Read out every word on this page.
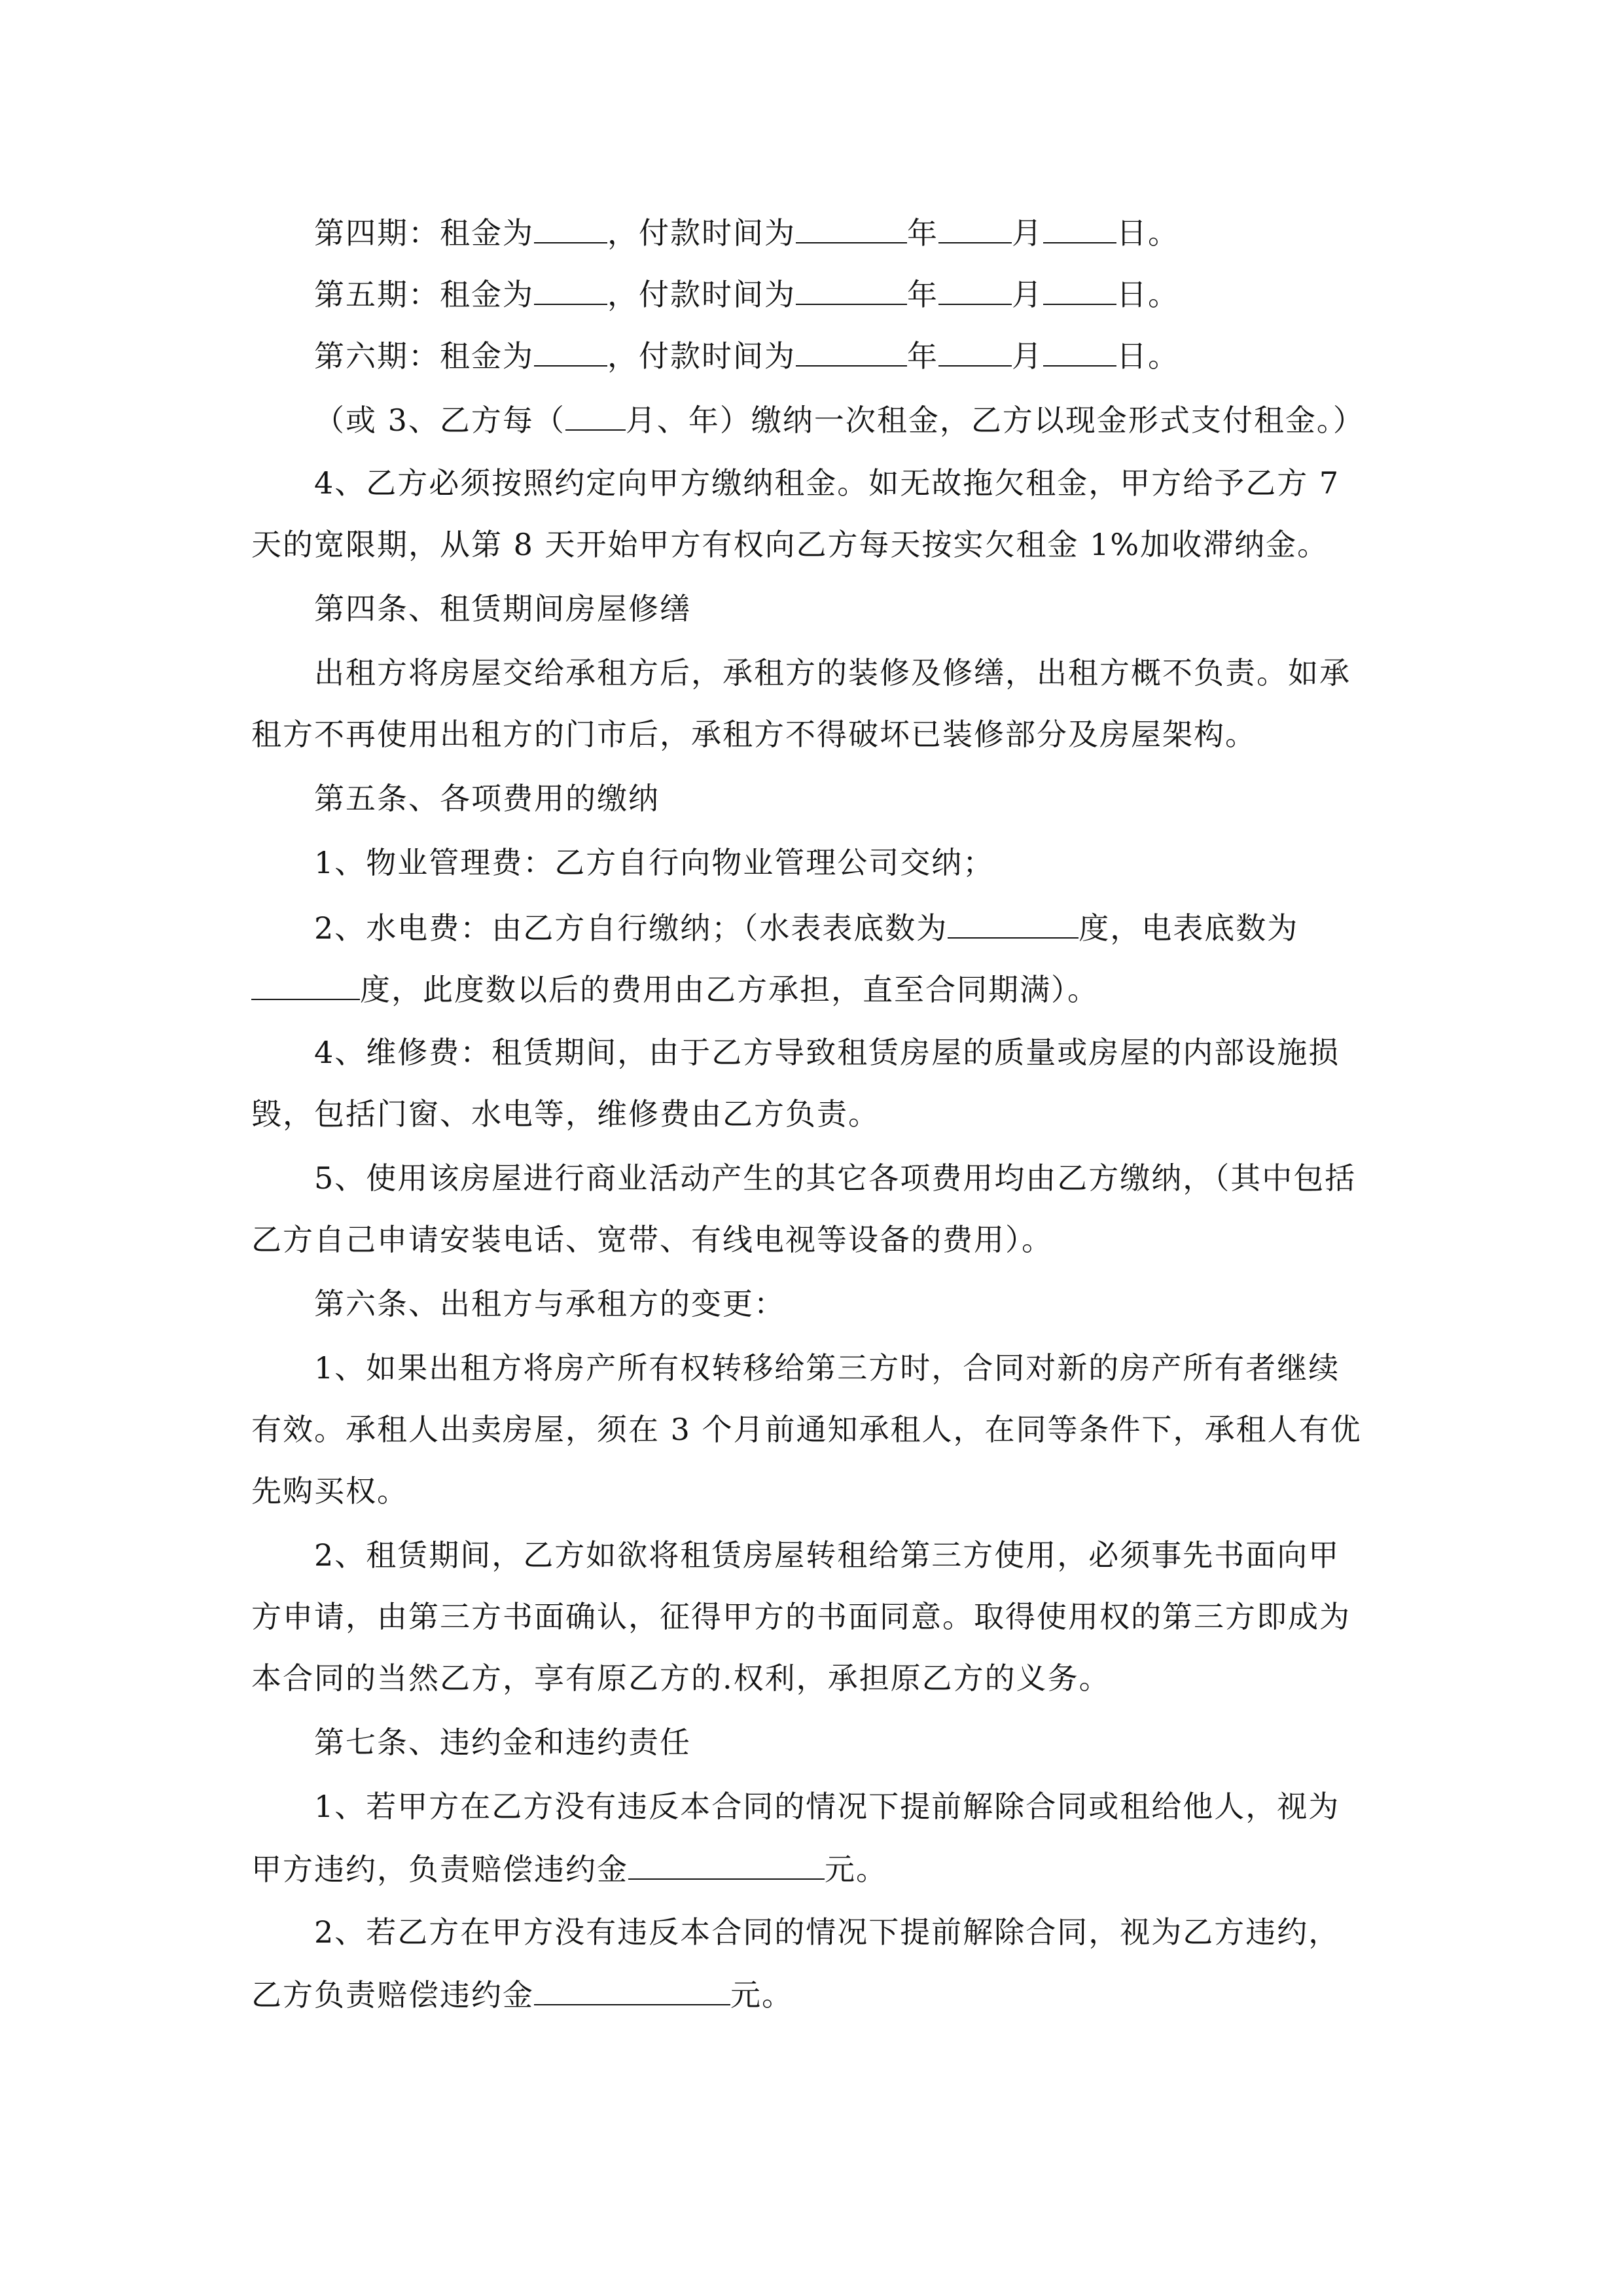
第四期：租金为 ，付款时间为	年 月 日。
第五期：租金为 ，付款时间为	年 月 日。
第六期：租金为 ，付款时间为	年 月 日。
（或 3、乙方每（ 月、年）缴纳一次租金，乙方以现金形式支付租金。）
4、乙方必须按照约定向甲方缴纳租金。如无故拖欠租金，甲方给予乙方 7
天的宽限期，从第 8 天开始甲方有权向乙方每天按实欠租金 1%加收滞纳金。
第四条、租赁期间房屋修缮
出租方将房屋交给承租方后，承租方的装修及修缮，出租方概不负责。如承
租方不再使用出租方的门市后，承租方不得破坏已装修部分及房屋架构。
第五条、各项费用的缴纳
1、物业管理费：乙方自行向物业管理公司交纳；
2、水电费：由乙方自行缴纳；（水表表底数为	度，电表底数为
度，此度数以后的费用由乙方承担，直至合同期满）。
4、维修费：租赁期间，由于乙方导致租赁房屋的质量或房屋的内部设施损
毁，包括门窗、水电等，维修费由乙方负责。
5、使用该房屋进行商业活动产生的其它各项费用均由乙方缴纳，（其中包括
乙方自己申请安装电话、宽带、有线电视等设备的费用）。
第六条、出租方与承租方的变更：
1、如果出租方将房产所有权转移给第三方时，合同对新的房产所有者继续
有效。承租人出卖房屋，须在 3 个月前通知承租人，在同等条件下，承租人有优
先购买权。
2、租赁期间，乙方如欲将租赁房屋转租给第三方使用，必须事先书面向甲
方申请，由第三方书面确认，征得甲方的书面同意。取得使用权的第三方即成为
本合同的当然乙方，享有原乙方的.权利，承担原乙方的义务。
第七条、违约金和违约责任
1、若甲方在乙方没有违反本合同的情况下提前解除合同或租给他人，视为
甲方违约，负责赔偿违约金	元。
2、若乙方在甲方没有违反本合同的情况下提前解除合同，视为乙方违约，
乙方负责赔偿违约金	元。
